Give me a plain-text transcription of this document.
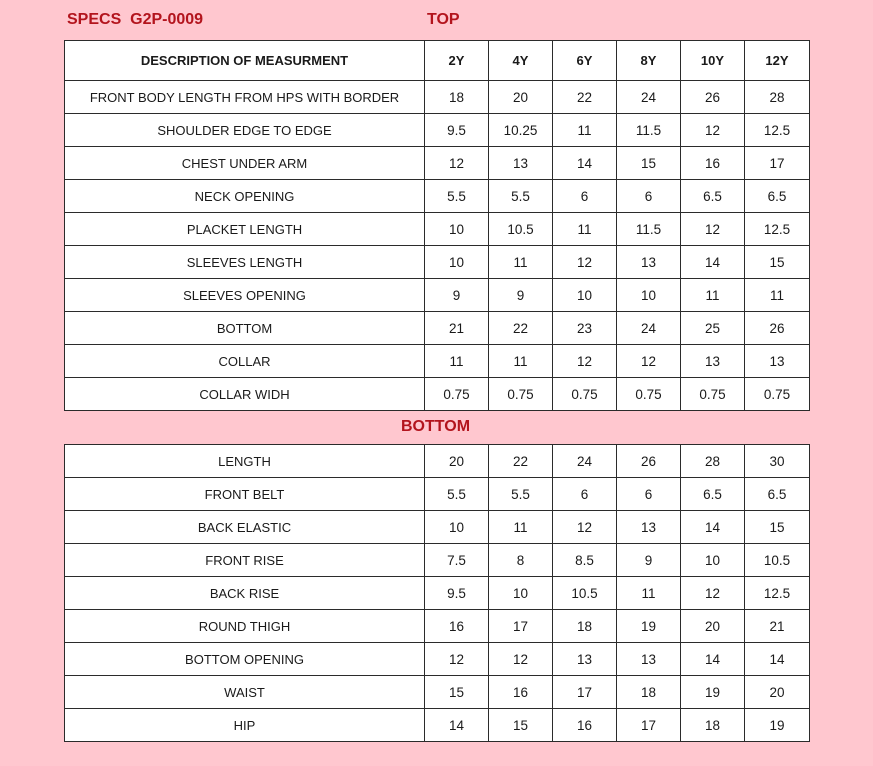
SPECS  G2P-0009	TOP
DESCRIPTION OF MEASURMENT	2Y	4Y	6Y	8Y	10Y	12Y
FRONT BODY LENGTH FROM HPS WITH BORDER	18	20	22	24	26	28
SHOULDER EDGE TO EDGE	9.5	10.25	11	11.5	12	12.5
CHEST UNDER ARM	12	13	14	15	16	17
NECK OPENING	5.5	5.5	6	6	6.5	6.5
PLACKET LENGTH	10	10.5	11	11.5	12	12.5
SLEEVES LENGTH	10	11	12	13	14	15
SLEEVES OPENING	9	9	10	10	11	11
BOTTOM	21	22	23	24	25	26
COLLAR	11	11	12	12	13	13
COLLAR WIDH	0.75	0.75	0.75	0.75	0.75	0.75
BOTTOM
LENGTH	20	22	24	26	28	30
FRONT BELT	5.5	5.5	6	6	6.5	6.5
BACK ELASTIC	10	11	12	13	14	15
FRONT RISE	7.5	8	8.5	9	10	10.5
BACK RISE	9.5	10	10.5	11	12	12.5
ROUND THIGH	16	17	18	19	20	21
BOTTOM OPENING	12	12	13	13	14	14
WAIST	15	16	17	18	19	20
HIP	14	15	16	17	18	19
